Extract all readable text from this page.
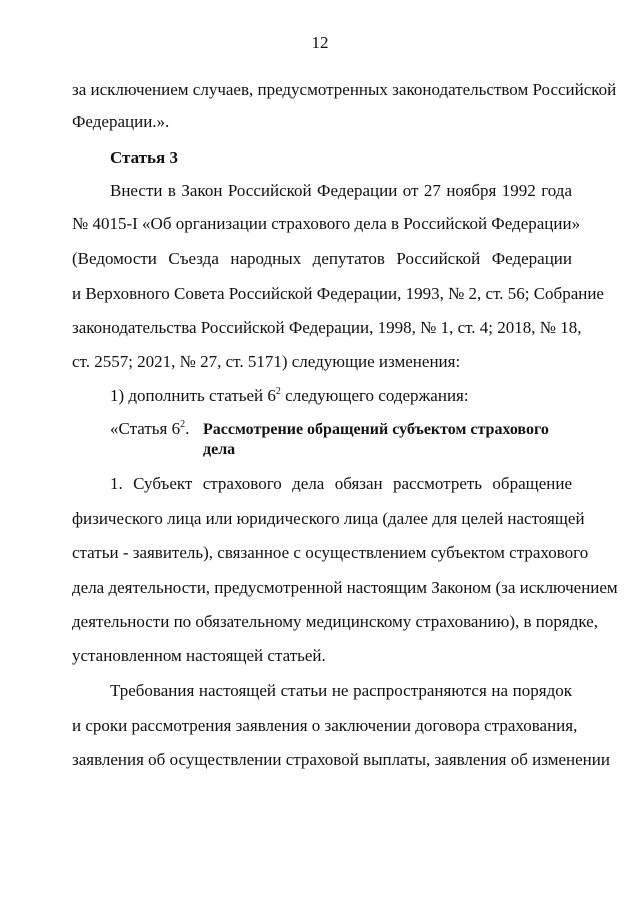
12
за исключением случаев, предусмотренных законодательством Российской
Федерации.».
Статья 3
Внести в Закон Российской Федерации от 27 ноября 1992 года
№ 4015-I «Об организации страхового дела в Российской Федерации»
(Ведомости Съезда народных депутатов Российской Федерации
и Верховного Совета Российской Федерации, 1993, № 2, ст. 56; Собрание
законодательства Российской Федерации, 1998, № 1, ст. 4; 2018, № 18,
ст. 2557; 2021, № 27, ст. 5171) следующие изменения:
1. Субъект страхового дела обязан рассмотреть обращение
физического лица или юридического лица (далее для целей настоящей
статьи - заявитель), связанное с осуществлением субъектом страхового
дела деятельности, предусмотренной настоящим Законом (за исключением
деятельности по обязательному медицинскому страхованию), в порядке,
установленном настоящей статьей.
Требования настоящей статьи не распространяются на порядок
и сроки рассмотрения заявления о заключении договора страхования,
заявления об осуществлении страховой выплаты, заявления об изменении
1) дополнить статьей $6^2$ следующего содержания:
«Статья $6^2$. Рассмотрение обращений субъектом страхового
дела
